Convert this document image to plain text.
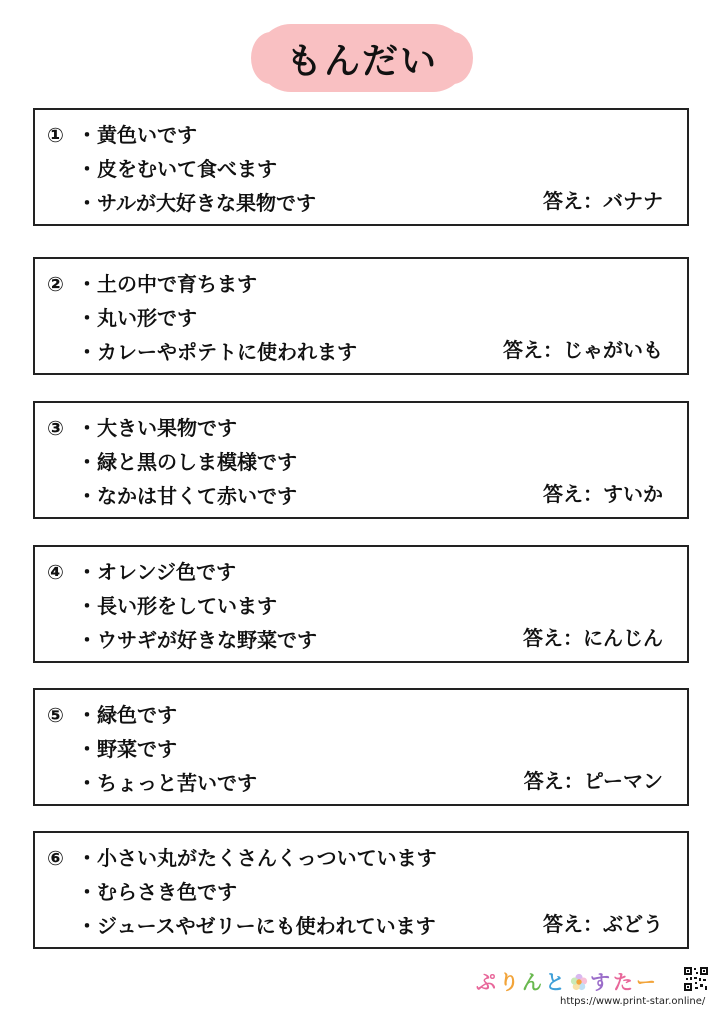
もんだい
① ・黄色いです
・皮をむいて食べます
・サルが大好きな果物です	答え：バナナ
② ・土の中で育ちます
・丸い形です
・カレーやポテトに使われます	答え：じゃがいも
③ ・大きい果物です
・緑と黒のしま模様です
・なかは甘くて赤いです	答え：すいか
④ ・オレンジ色です
・長い形をしています
・ウサギが好きな野菜です	答え：にんじん
⑤ ・緑色です
・野菜です
・ちょっと苦いです	答え：ピーマン
⑥ ・小さい丸がたくさんくっついています
・むらさき色です
・ジュースやゼリーにも使われています	答え：ぶどう
ぷりんと すたー
https://www.print-star.online/
